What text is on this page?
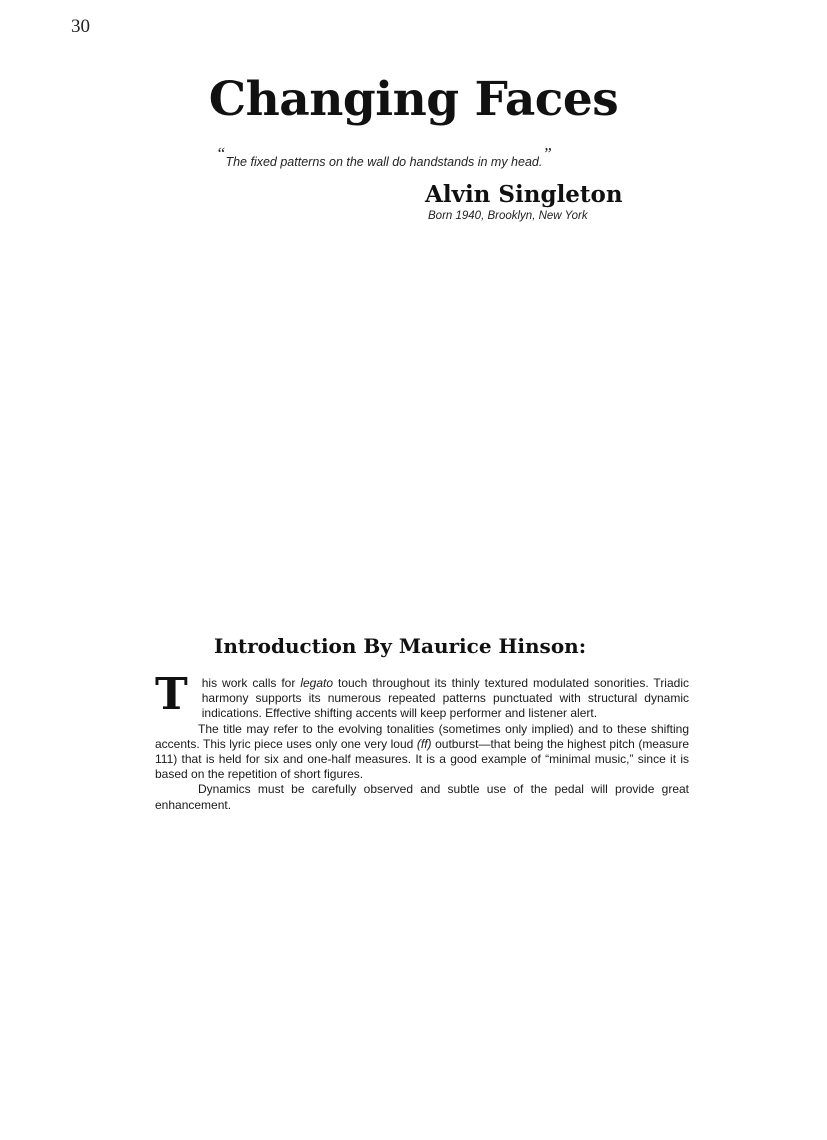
30
Changing Faces
“The fixed patterns on the wall do handstands in my head.”
Alvin Singleton
Born 1940, Brooklyn, New York
Introduction By Maurice Hinson:

T his work calls for legato touch throughout its thinly textured modulated sonorities. Triadic harmony supports its numerous repeated patterns punctuated with structural dynamic indications. Effective shifting accents will keep performer and listener alert.

The title may refer to the evolving tonalities (sometimes only implied) and to these shifting accents. This lyric piece uses only one very loud (ff) outburst—that being the highest pitch (measure 111) that is held for six and one-half measures. It is a good example of “minimal music,” since it is based on the repetition of short figures.

Dynamics must be carefully observed and subtle use of the pedal will provide great enhancement.
